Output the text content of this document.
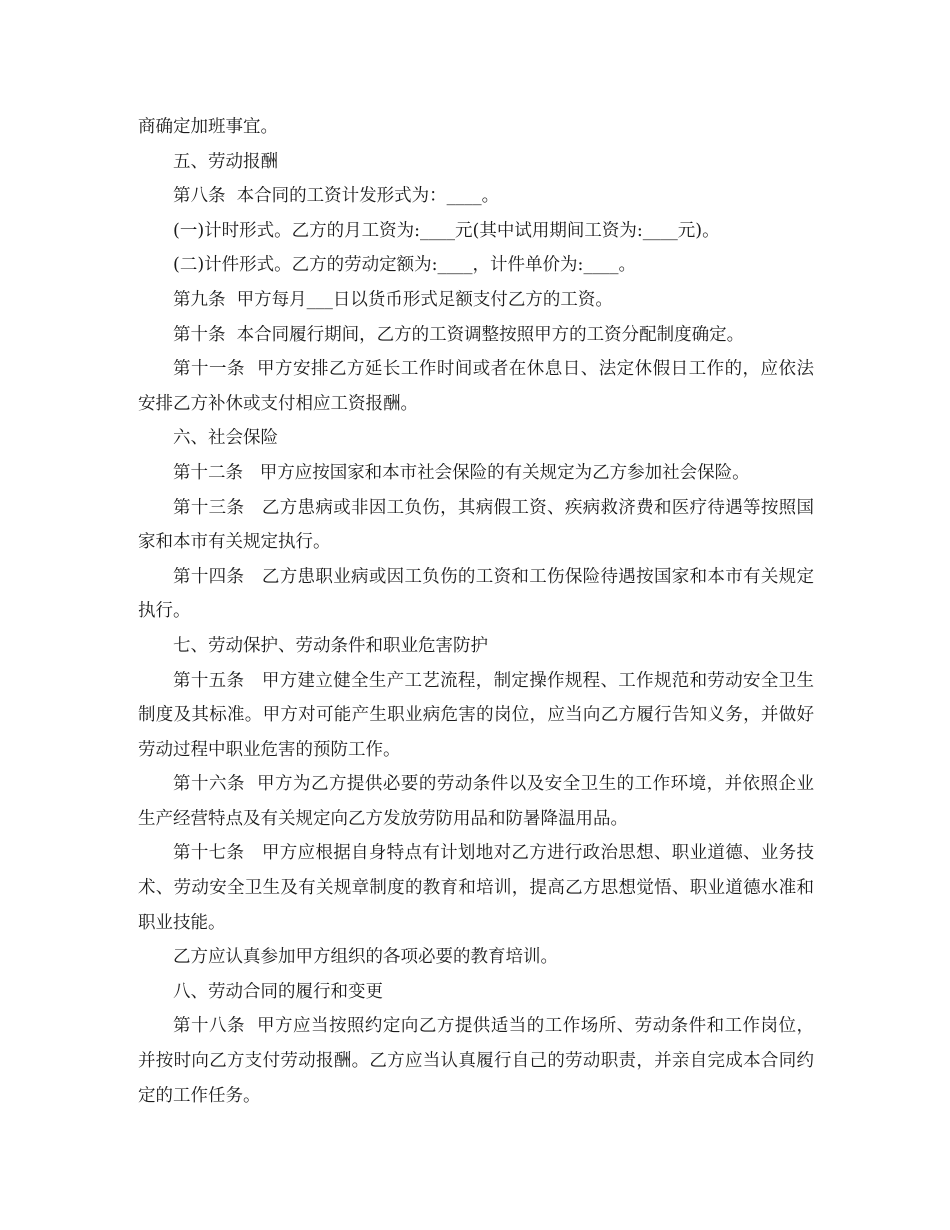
商确定加班事宜。

五、劳动报酬

第八条  本合同的工资计发形式为：____。

(一)计时形式。乙方的月工资为:____元(其中试用期间工资为:____元)。

(二)计件形式。乙方的劳动定额为:____，计件单价为:____。

第九条  甲方每月___日以货币形式足额支付乙方的工资。

第十条  本合同履行期间，乙方的工资调整按照甲方的工资分配制度确定。

第十一条  甲方安排乙方延长工作时间或者在休息日、法定休假日工作的，应依法安排乙方补休或支付相应工资报酬。

六、社会保险

第十二条   甲方应按国家和本市社会保险的有关规定为乙方参加社会保险。

第十三条   乙方患病或非因工负伤，其病假工资、疾病救济费和医疗待遇等按照国家和本市有关规定执行。

第十四条   乙方患职业病或因工负伤的工资和工伤保险待遇按国家和本市有关规定执行。

七、劳动保护、劳动条件和职业危害防护

第十五条   甲方建立健全生产工艺流程，制定操作规程、工作规范和劳动安全卫生制度及其标准。甲方对可能产生职业病危害的岗位，应当向乙方履行告知义务，并做好劳动过程中职业危害的预防工作。

第十六条  甲方为乙方提供必要的劳动条件以及安全卫生的工作环境，并依照企业生产经营特点及有关规定向乙方发放劳防用品和防暑降温用品。

第十七条   甲方应根据自身特点有计划地对乙方进行政治思想、职业道德、业务技术、劳动安全卫生及有关规章制度的教育和培训，提高乙方思想觉悟、职业道德水准和职业技能。

乙方应认真参加甲方组织的各项必要的教育培训。

八、劳动合同的履行和变更

第十八条  甲方应当按照约定向乙方提供适当的工作场所、劳动条件和工作岗位，并按时向乙方支付劳动报酬。乙方应当认真履行自己的劳动职责，并亲自完成本合同约定的工作任务。
